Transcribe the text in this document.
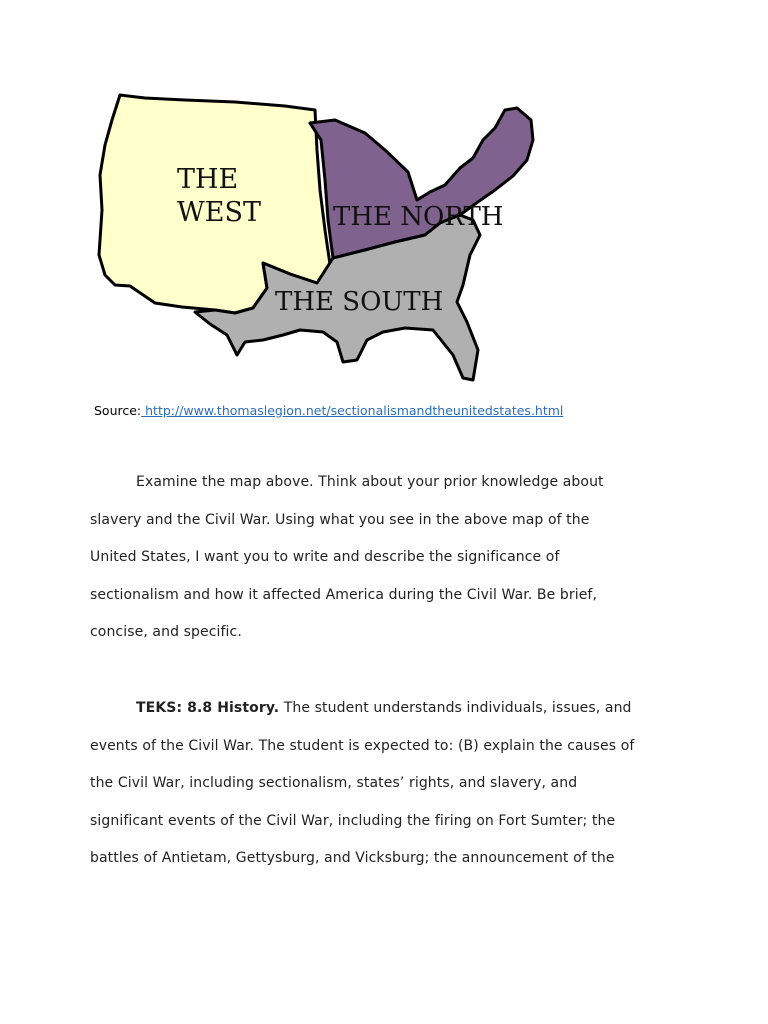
THE
WEST	THE NORTH
THE SOUTH
Source: http://www.thomaslegion.net/sectionalismandtheunitedstates.html
Examine the map above. Think about your prior knowledge about
slavery and the Civil War. Using what you see in the above map of the
United States, I want you to write and describe the significance of
sectionalism and how it affected America during the Civil War. Be brief,
concise, and specific.
TEKS: 8.8 History. The student understands individuals, issues, and
events of the Civil War. The student is expected to: (B) explain the causes of
the Civil War, including sectionalism, states’ rights, and slavery, and
significant events of the Civil War, including the firing on Fort Sumter; the
battles of Antietam, Gettysburg, and Vicksburg; the announcement of the
